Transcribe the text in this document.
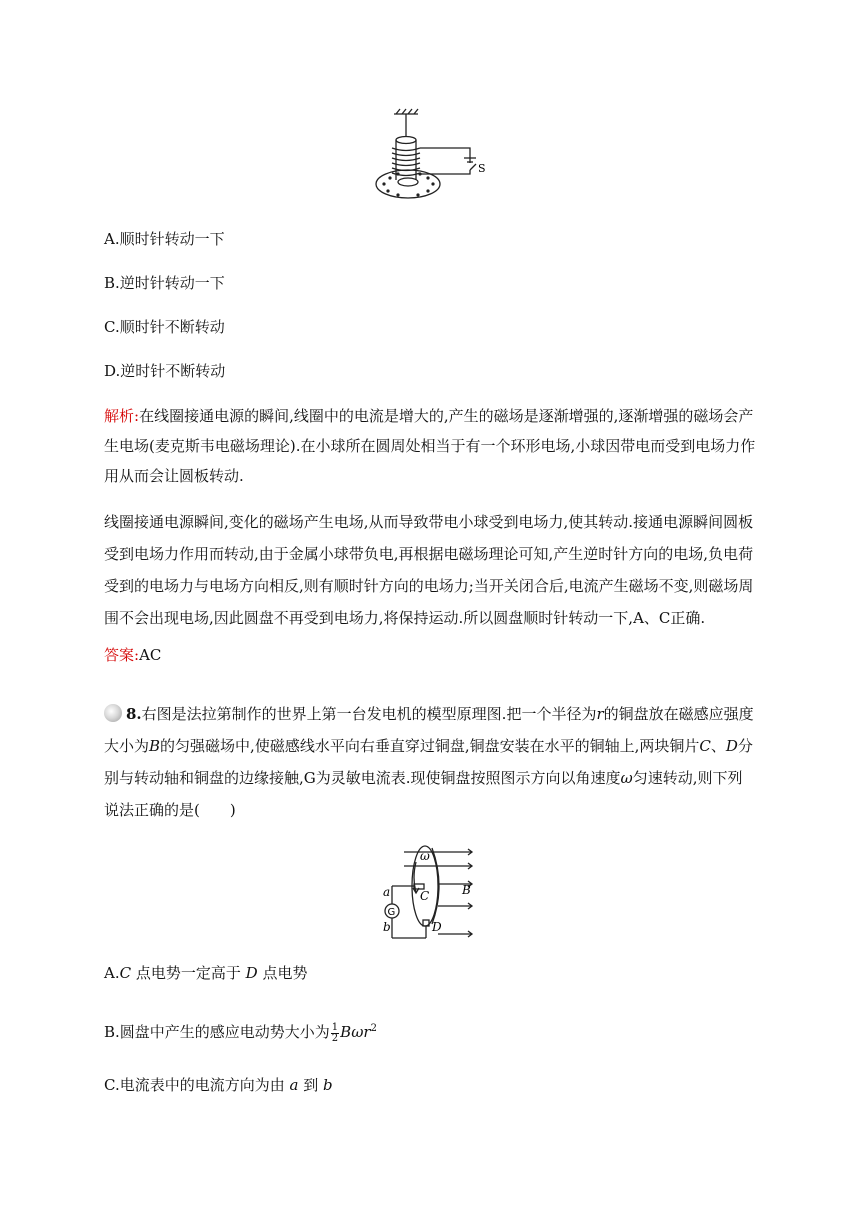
S
A.顺时针转动一下
B.逆时针转动一下
C.顺时针不断转动
D.逆时针不断转动
解析:在线圈接通电源的瞬间,线圈中的电流是增大的,产生的磁场是逐渐增强的,逐渐增强的磁场会产生电场(麦克斯韦电磁场理论).在小球所在圆周处相当于有一个环形电场,小球因带电而受到电场力作用从而会让圆板转动.
线圈接通电源瞬间,变化的磁场产生电场,从而导致带电小球受到电场力,使其转动.接通电源瞬间圆板受到电场力作用而转动,由于金属小球带负电,再根据电磁场理论可知,产生逆时针方向的电场,负电荷受到的电场力与电场方向相反,则有顺时针方向的电场力;当开关闭合后,电流产生磁场不变,则磁场周围不会出现电场,因此圆盘不再受到电场力,将保持运动.所以圆盘顺时针转动一下,A、C正确.
答案:AC
8.右图是法拉第制作的世界上第一台发电机的模型原理图.把一个半径为r的铜盘放在磁感应强度大小为B的匀强磁场中,使磁感线水平向右垂直穿过铜盘,铜盘安装在水平的铜轴上,两块铜片C、D分别与转动轴和铜盘的边缘接触,G为灵敏电流表.现使铜盘按照图示方向以角速度ω匀速转动,则下列说法正确的是(　　)
ω
C	B
a
G
b	D
A.C 点电势一定高于 D 点电势
B.圆盘中产生的感应电动势大小为 $\frac{1}{2} B\omega r^2$
C.电流表中的电流方向为由 a 到 b
